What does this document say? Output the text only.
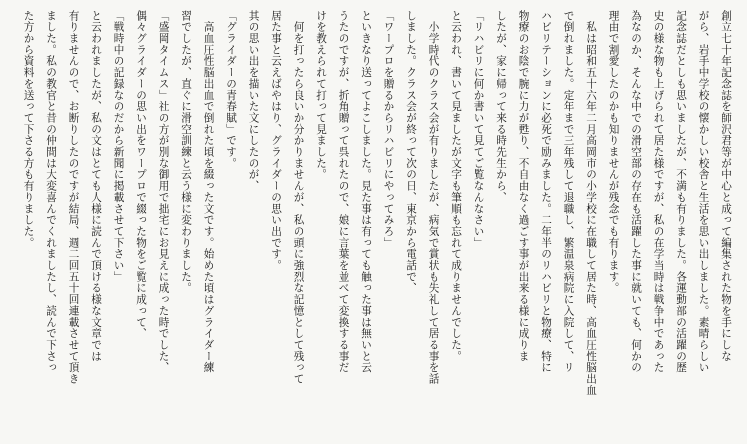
創立七十年記念誌を師沢君等が中心と成って編集された物を手にしな
がら、岩手中学校の懐かしい校舎と生活を思い出しました。素晴らしい
記念誌だとしも思いましたが、不満も有りました。各運動部の活躍の歴
史の様な物も上げられて居た様ですが、私の在学当時は戦争中であった
為なのか、そんな中での滑空部の存在も活躍した事に就いても、何かの
理由で割愛したのかも知りませんが残念でも有ります。
　私は昭和五十六年二月高岡市の小学校に在職して居た時、高血圧性脳出血
で倒れました。定年まで三年残して退職し、繁温泉病院に入院して、リ
ハビリテーションに必死で励みました。二年半のリハビリと物療、特に
物療のお陰で腕に力が甦り、不自由なく過ごす事が出来る様に成りま
したが、家に帰って来る時先生から、
「リハビリに何か書いて見てご覧なんなさい」
と云われ、書いて見ましたが文字も筆順も忘れて成りませんでした。
　小学時代のクラス会が有りましたが、病気で賞状も失礼して居る事を話
しました。クラス会が終って次の日、東京から電話で、
「ワープロを贈るからリハビリにやってみろ」
といきなり送ってよこしました。見た事は有っても触った事は無いと云
うたのですが、折角贈って呉れたので、娘に言葉を並べて変換する事だ
けを教えられて打って見ました。
　何を打ったら良いか分かりませんが、私の頭に強烈な記憶として残って
居た事と云えばやはり、グライダーの思い出です。
其の思い出を描いた文にしたのが、
「グライダーの青春賦」です。
　高血圧性脳出血で倒れた頃を綴った文です。始めた頃はグライダー練
習でしたが、直ぐに滑空訓練と云う様に変わりました。
「盛岡タイムス」社の方が別な御用で拙宅にお見えに成った時でした、
偶々グライダーの思い出をワープロで綴った物をご覧に成って、
「戦時中の記録なのだから新聞に掲載させて下さい」
と云われましたが、私の文はとても人様に読んで頂ける様な文章では
有りませんので、お断りしたのですが結局、週二回五十回連載させて頂き
ました。私の教官と昔の仲間は大変喜んでくれましたし、読んで下さっ
た方から資料を送って下さる方も有りました。
